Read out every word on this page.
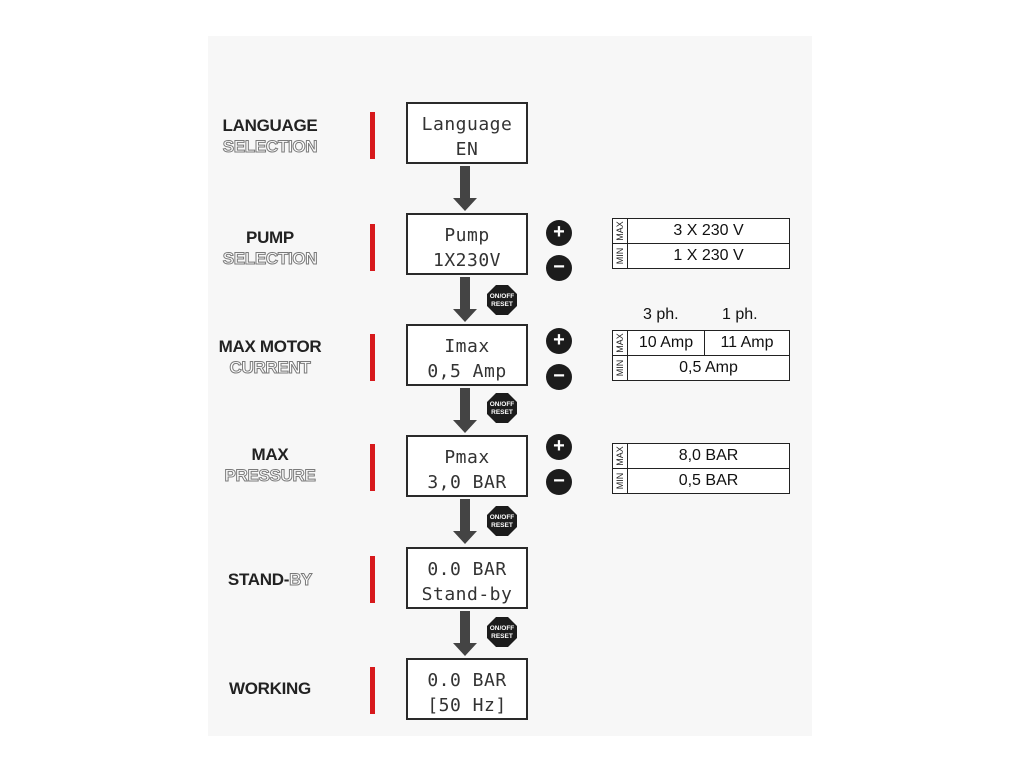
LANGUAGE
SELECTION
Language
EN
PUMP
SELECTION
Pump
1X230V
+
−
MAX	3 X 230 V
MIN	1 X 230 V
ON/OFF
RESET
MAX MOTOR
CURRENT
Imax
0,5 Amp
+
−
3 ph.	1 ph.
MAX 10 Amp	11 Amp
MIN	0,5 Amp
ON/OFF
RESET
MAX
PRESSURE
Pmax
3,0 BAR
+
−
MAX	8,0 BAR
MIN	0,5 BAR
ON/OFF
RESET
STAND-BY	0.0 BAR
Stand-by
ON/OFF
RESET
WORKING	0.0 BAR
[50 Hz]
